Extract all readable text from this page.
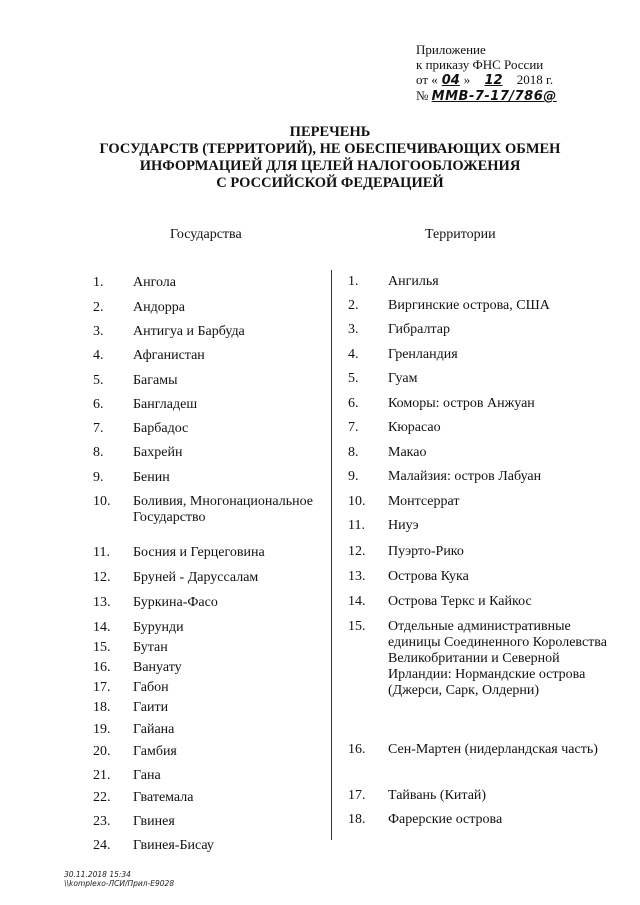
Приложение
к приказу ФНС России
от « 04 » 12 2018 г.
№ ММВ-7-17/786@
ПЕРЕЧЕНЬ
ГОСУДАРСТВ (ТЕРРИТОРИЙ), НЕ ОБЕСПЕЧИВАЮЩИХ ОБМЕН
ИНФОРМАЦИЕЙ ДЛЯ ЦЕЛЕЙ НАЛОГООБЛОЖЕНИЯ
С РОССИЙСКОЙ ФЕДЕРАЦИЕЙ
Государства	Территории
1. Ангола
2. Андорра
3. Антигуа и Барбуда
4. Афганистан
5. Багамы
6. Бангладеш
7. Барбадос
8. Бахрейн
9. Бенин
10. Боливия, Многонациональное Государство
11. Босния и Герцеговина
12. Бруней - Даруссалам
13. Буркина-Фасо
14. Бурунди
15. Бутан
16. Вануату
17. Габон
18. Гаити
19. Гайана
20. Гамбия
21. Гана
22. Гватемала
23. Гвинея
24. Гвинея-Бисау
1. Ангилья
2. Виргинские острова, США
3. Гибралтар
4. Гренландия
5. Гуам
6. Коморы: остров Анжуан
7. Кюрасао
8. Макао
9. Малайзия: остров Лабуан
10. Монтсеррат
11. Ниуэ
12. Пуэрто-Рико
13. Острова Кука
14. Острова Теркс и Кайкос
15. Отдельные административные единицы Соединенного Королевства Великобритании и Северной Ирландии: Нормандские острова (Джерси, Сарк, Олдерни)
16. Сен-Мартен (нидерландская часть)
17. Тайвань (Китай)
18. Фарерские острова
30.11.2018 15:34
\\komplexo-ЛСИ/Прил-E9028
